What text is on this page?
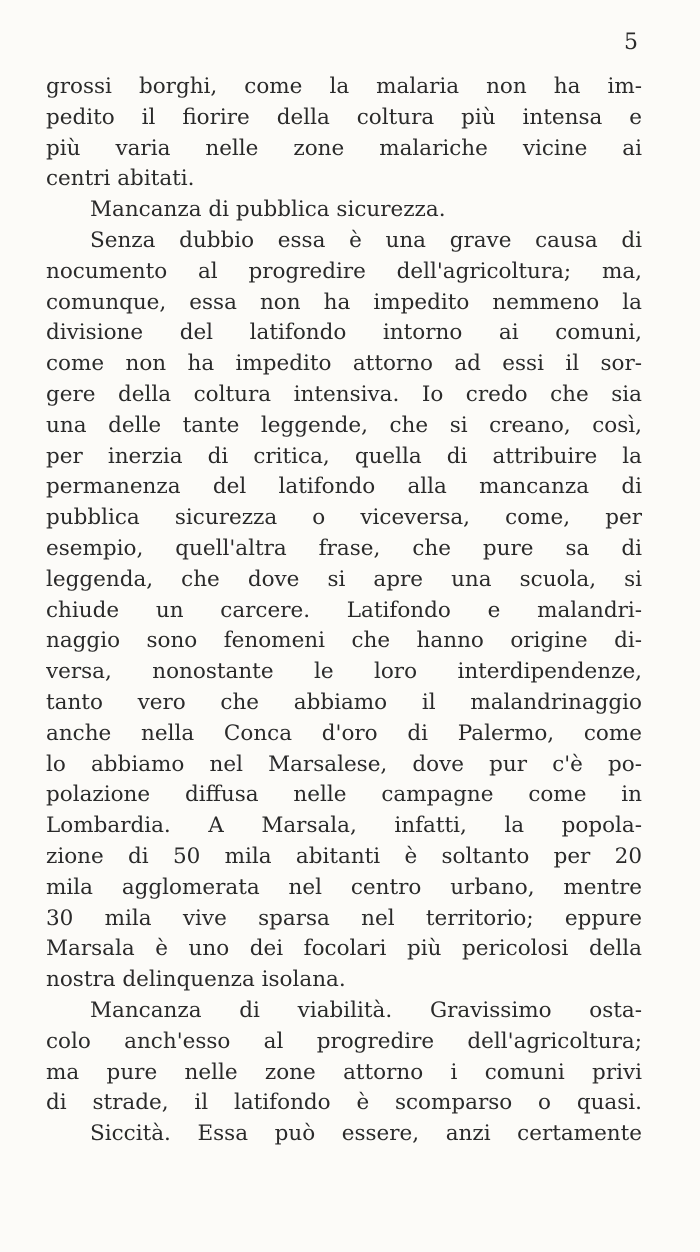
5
grossi borghi, come la malaria non ha im-
pedito il fiorire della coltura più intensa e
più varia nelle zone malariche vicine ai
centri abitati.
Mancanza di pubblica sicurezza.
Senza dubbio essa è una grave causa di
nocumento al progredire dell'agricoltura; ma,
comunque, essa non ha impedito nemmeno la
divisione del latifondo intorno ai comuni,
come non ha impedito attorno ad essi il sor-
gere della coltura intensiva. Io credo che sia
una delle tante leggende, che si creano, così,
per inerzia di critica, quella di attribuire la
permanenza del latifondo alla mancanza di
pubblica sicurezza o viceversa, come, per
esempio, quell'altra frase, che pure sa di
leggenda, che dove si apre una scuola, si
chiude un carcere. Latifondo e malandri-
naggio sono fenomeni che hanno origine di-
versa, nonostante le loro interdipendenze,
tanto vero che abbiamo il malandrinaggio
anche nella Conca d'oro di Palermo, come
lo abbiamo nel Marsalese, dove pur c'è po-
polazione diffusa nelle campagne come in
Lombardia. A Marsala, infatti, la popola-
zione di 50 mila abitanti è soltanto per 20
mila agglomerata nel centro urbano, mentre
30 mila vive sparsa nel territorio; eppure
Marsala è uno dei focolari più pericolosi della
nostra delinquenza isolana.
Mancanza di viabilità. Gravissimo osta-
colo anch'esso al progredire dell'agricoltura;
ma pure nelle zone attorno i comuni privi
di strade, il latifondo è scomparso o quasi.
Siccità. Essa può essere, anzi certamente
